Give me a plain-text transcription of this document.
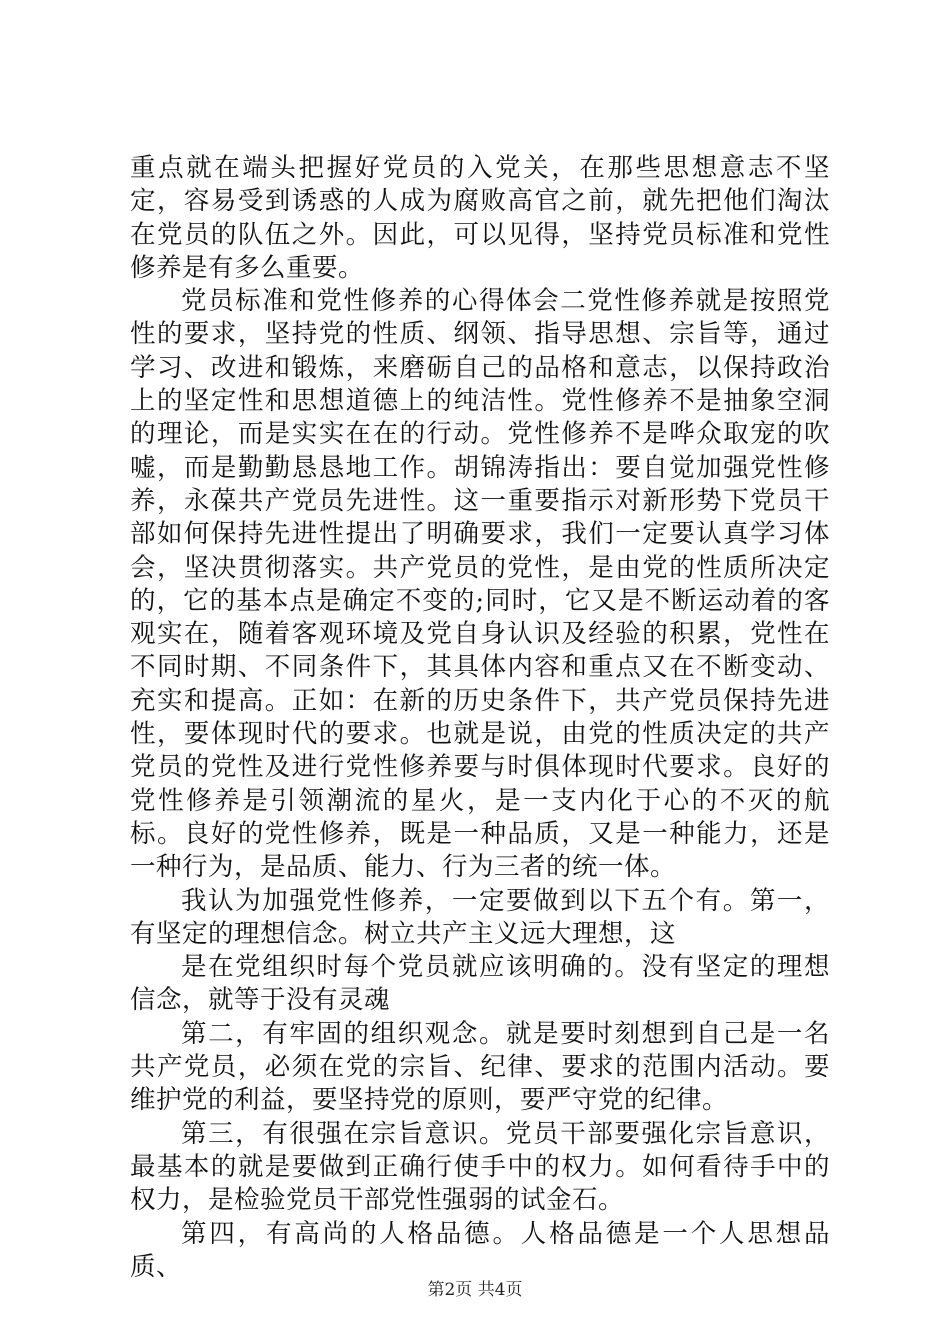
重点就在端头把握好党员的入党关，在那些思想意志不坚定，容易受到诱惑的人成为腐败高官之前，就先把他们淘汰在党员的队伍之外。因此，可以见得，坚持党员标准和党性修养是有多么重要。

党员标准和党性修养的心得体会二党性修养就是按照党性的要求，坚持党的性质、纲领、指导思想、宗旨等，通过学习、改进和锻炼，来磨砺自己的品格和意志，以保持政治上的坚定性和思想道德上的纯洁性。党性修养不是抽象空洞的理论，而是实实在在的行动。党性修养不是哗众取宠的吹嘘，而是勤勤恳恳地工作。胡锦涛指出：要自觉加强党性修养，永葆共产党员先进性。这一重要指示对新形势下党员干部如何保持先进性提出了明确要求，我们一定要认真学习体会，坚决贯彻落实。共产党员的党性，是由党的性质所决定的，它的基本点是确定不变的;同时，它又是不断运动着的客观实在，随着客观环境及党自身认识及经验的积累，党性在不同时期、不同条件下，其具体内容和重点又在不断变动、充实和提高。正如：在新的历史条件下，共产党员保持先进性，要体现时代的要求。也就是说，由党的性质决定的共产党员的党性及进行党性修养要与时俱体现时代要求。良好的党性修养是引领潮流的星火，是一支内化于心的不灭的航标。良好的党性修养，既是一种品质，又是一种能力，还是一种行为，是品质、能力、行为三者的统一体。

我认为加强党性修养，一定要做到以下五个有。第一，有坚定的理想信念。树立共产主义远大理想，这

是在党组织时每个党员就应该明确的。没有坚定的理想信念，就等于没有灵魂

第二，有牢固的组织观念。就是要时刻想到自己是一名共产党员，必须在党的宗旨、纪律、要求的范围内活动。要维护党的利益，要坚持党的原则，要严守党的纪律。

第三，有很强在宗旨意识。党员干部要强化宗旨意识，最基本的就是要做到正确行使手中的权力。如何看待手中的权力，是检验党员干部党性强弱的试金石。

第四，有高尚的人格品德。人格品德是一个人思想品质、

第2页 共4页
